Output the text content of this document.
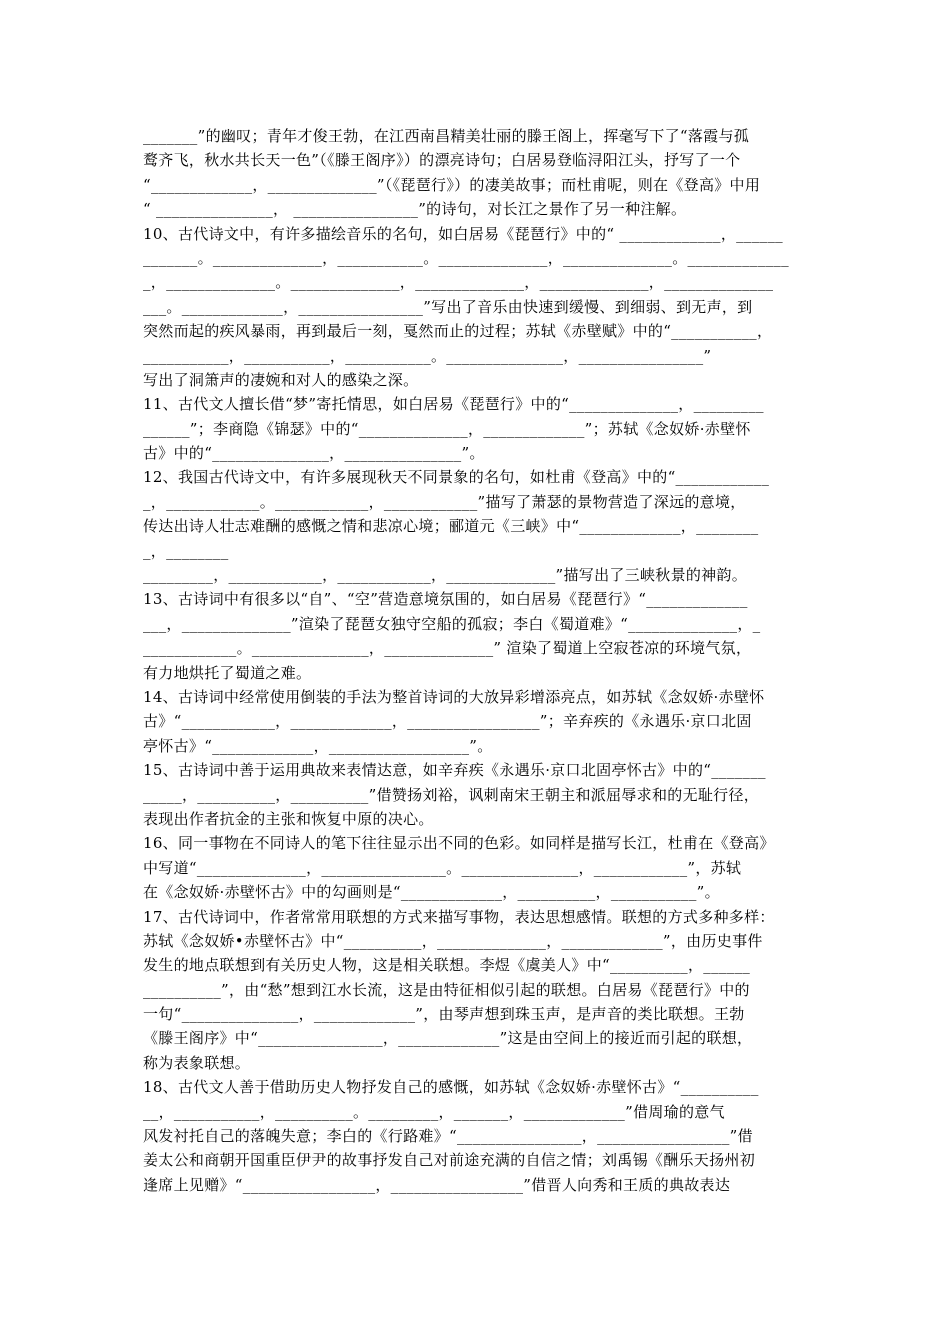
_______”的幽叹；青年才俊王勃，在江西南昌精美壮丽的滕王阁上，挥毫写下了“落霞与孤
鹜齐飞，秋水共长天一色”（《滕王阁序》）的漂亮诗句；白居易登临浔阳江头，抒写了一个
“_____________，______________”（《琵琶行》）的凄美故事；而杜甫呢，则在《登高》中用
“ _______________， ________________”的诗句，对长江之景作了另一种注解。
10、古代诗文中，有许多描绘音乐的名句，如白居易《琵琶行》中的“ _____________，______
_______。______________，___________。______________，______________。_____________
_，______________。______________，______________，______________，______________
___。_____________，________________”写出了音乐由快速到缓慢、到细弱、到无声，到
突然而起的疾风暴雨，再到最后一刻，戛然而止的过程；苏轼《赤壁赋》中的“___________，
___________，___________，___________。_______________，________________”
写出了洞箫声的凄婉和对人的感染之深。
11、古代文人擅长借“梦”寄托情思，如白居易《琵琶行》中的“______________，_________
______”；李商隐《锦瑟》中的“______________，_____________”；苏轼《念奴娇·赤壁怀
古》中的“_______________，_______________”。
12、我国古代诗文中，有许多展现秋天不同景象的名句，如杜甫《登高》中的“____________
_，____________。____________，____________”描写了萧瑟的景物营造了深远的意境，
传达出诗人壮志难酬的感慨之情和悲凉心境；郦道元《三峡》中“_____________，________
_，________
_________，____________，____________，______________”描写出了三峡秋景的神韵。
13、古诗词中有很多以“自”、“空”营造意境氛围的，如白居易《琵琶行》“_____________
___，______________”渲染了琵琶女独守空船的孤寂；李白《蜀道难》“______________，_
____________。_______________，______________” 渲染了蜀道上空寂苍凉的环境气氛，
有力地烘托了蜀道之难。
14、古诗词中经常使用倒装的手法为整首诗词的大放异彩增添亮点，如苏轼《念奴娇·赤壁怀
古》“____________，_____________，_________________”；辛弃疾的《永遇乐·京口北固
亭怀古》“_____________，__________________”。
15、古诗词中善于运用典故来表情达意，如辛弃疾《永遇乐·京口北固亭怀古》中的“_______
_____，__________，__________”借赞扬刘裕，讽刺南宋王朝主和派屈辱求和的无耻行径，
表现出作者抗金的主张和恢复中原的决心。
16、同一事物在不同诗人的笔下往往显示出不同的色彩。如同样是描写长江，杜甫在《登高》
中写道“______________，________________。_______________，____________”，苏轼
在《念奴娇·赤壁怀古》中的勾画则是“_____________，__________，___________”。
17、古代诗词中，作者常常用联想的方式来描写事物，表达思想感情。联想的方式多种多样：
苏轼《念奴娇•赤壁怀古》中“__________，______________，_____________”，由历史事件
发生的地点联想到有关历史人物，这是相关联想。李煜《虞美人》中“__________，______
__________”，由“愁”想到江水长流，这是由特征相似引起的联想。白居易《琵琶行》中的
一句“_______________，_____________”，由琴声想到珠玉声，是声音的类比联想。王勃
《滕王阁序》中“________________，_____________”这是由空间上的接近而引起的联想，
称为表象联想。
18、古代文人善于借助历史人物抒发自己的感慨，如苏轼《念奴娇·赤壁怀古》“__________
__，___________，__________。_________，_______，_____________”借周瑜的意气
风发衬托自己的落魄失意；李白的《行路难》“________________，_________________”借
姜太公和商朝开国重臣伊尹的故事抒发自己对前途充满的自信之情；刘禹锡《酬乐天扬州初
逢席上见赠》“_________________，_________________”借晋人向秀和王质的典故表达
